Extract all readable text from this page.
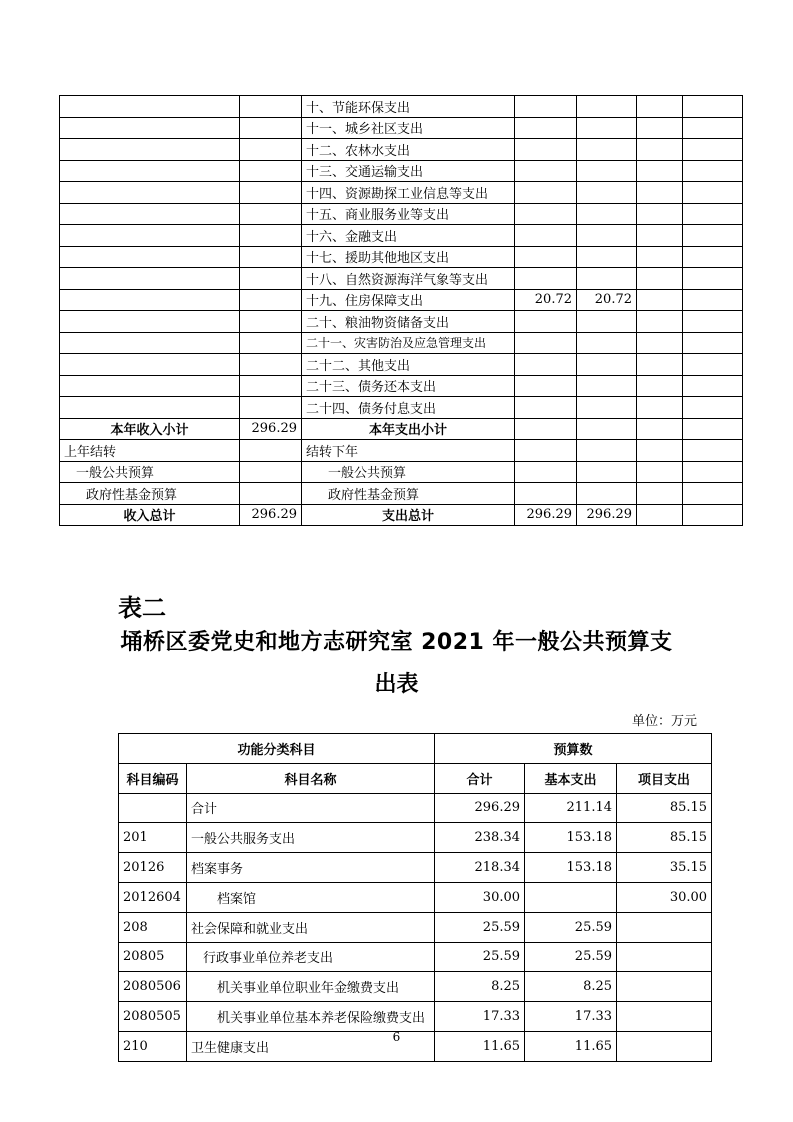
		十、节能环保支出				
		十一、城乡社区支出				
		十二、农林水支出				
		十三、交通运输支出				
		十四、资源勘探工业信息等支出				
		十五、商业服务业等支出				
		十六、金融支出				
		十七、援助其他地区支出				
		十八、自然资源海洋气象等支出				
		十九、住房保障支出	20.72	20.72		
		二十、粮油物资储备支出				
		二十一、灾害防治及应急管理支出				
		二十二、其他支出				
		二十三、债务还本支出				
		二十四、债务付息支出				
本年收入小计	296.29	本年支出小计				
上年结转		结转下年				
一般公共预算		一般公共预算				
政府性基金预算		政府性基金预算				
收入总计	296.29	支出总计	296.29	296.29		
表二
埇桥区委党史和地方志研究室 2021 年一般公共预算支
出表
单位：万元
功能分类科目		预算数		
科目编码	科目名称	合计	基本支出	项目支出
	合计	296.29	211.14	85.15
201	一般公共服务支出	238.34	153.18	85.15
20126	档案事务	218.34	153.18	35.15
2012604	档案馆	30.00		30.00
208	社会保障和就业支出	25.59	25.59	
20805	行政事业单位养老支出	25.59	25.59	
2080506	机关事业单位职业年金缴费支出	8.25	8.25	
2080505	机关事业单位基本养老保险缴费支出	17.33	17.33	
210	卫生健康支出	11.65	11.65	
6
